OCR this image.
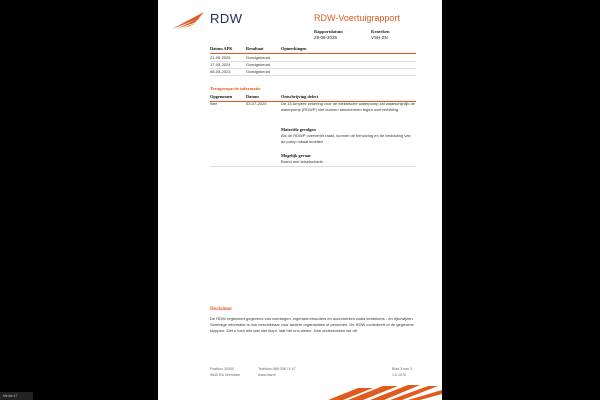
RDW	RDW-Voertuigrapport
Rapportdatum
29-06-2025
Kenteken
VSH-ZN
Datum APK	Resultaat	Opmerkingen
21-05-2025	Goedgekeurd
17-05-2024	Goedgekeurd
08-05-2023	Goedgekeurd
Terugroepactie informatie
Opgenomen	Datum	Omschrijving defect
Nee	03-07-2025	De 15 Ampère zekering voor de elektrische waterpomp zal waarschijnlijk de waterpomp (RDWP) niet kunnen beschermen tegen oververhitting.
Materiële gevolgen
Als de RDWP oververhit raakt, kunnen de behuizing en de bedrading van de pomp lokaal smelten
Mogelijk gevaar
Brand met letselschade
Disclaimer
De RDW registreert gegevens van voertuigen, eigenaren/houders en documenten zoals kentekens - en rijbewijzen. Sommige informatie is ook beschikbaar voor andere organisaties of personen. De RDW controleert of de gegevens kloppen. Ziet u toch iets wat niet klopt, laat het ons weten. Dan onderzoeken we dit.
Postbus 30000
9640 RA Veendam
Telefoon 088 008 74 47
www.rdw.nl
Blad 3 van 3
1.6.1076
Media 47
